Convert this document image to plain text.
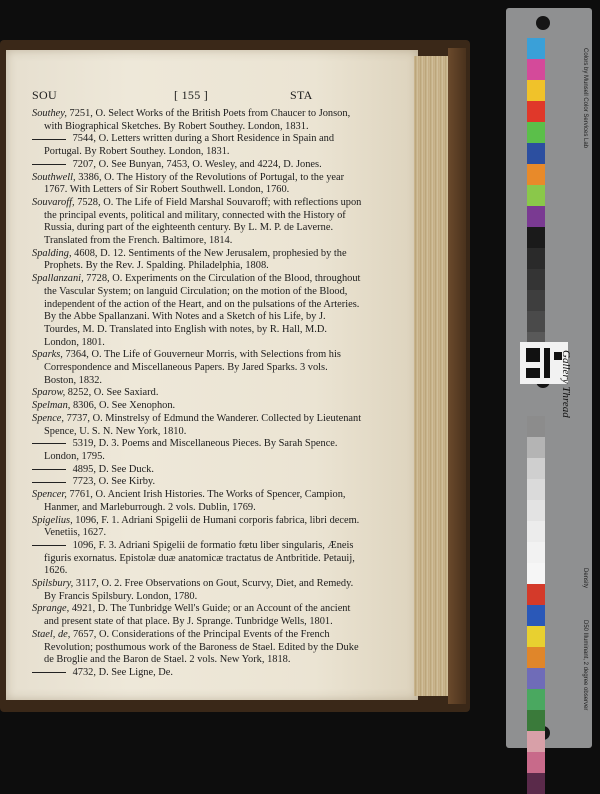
SOU	[ 155 ]	STA

Southey, 7251, O. Select Works of the British Poets from Chaucer to Jonson, with Biographical Sketches. By Robert Southey. London, 1831.

7544, O. Letters written during a Short Residence in Spain and Portugal. By Robert Southey. London, 1831.

7207, O. See Bunyan, 7453, O. Wesley, and 4224, D. Jones.

Southwell, 3386, O. The History of the Revolutions of Portugal, to the year 1767. With Letters of Sir Robert Southwell. London, 1760.

Souvaroff, 7528, O. The Life of Field Marshal Souvaroff; with reflections upon the principal events, political and military, connected with the History of Russia, during part of the eighteenth century. By L. M. P. de Laverne. Translated from the French. Baltimore, 1814.

Spalding, 4608, D. 12. Sentiments of the New Jerusalem, prophesied by the Prophets. By the Rev. J. Spalding. Philadelphia, 1808.

Spallanzani, 7728, O. Experiments on the Circulation of the Blood, throughout the Vascular System; on languid Circulation; on the motion of the Blood, independent of the action of the Heart, and on the pulsations of the Arteries. By the Abbe Spallanzani. With Notes and a Sketch of his Life, by J. Tourdes, M. D. Translated into English with notes, by R. Hall, M.D. London, 1801.

Sparks, 7364, O. The Life of Gouverneur Morris, with Selections from his Correspondence and Miscellaneous Papers. By Jared Sparks. 3 vols. Boston, 1832.

Sparow, 8252, O. See Saxiard.

Spelman, 8306, O. See Xenophon.

Spence, 7737, O. Minstrelsy of Edmund the Wanderer. Collected by Lieutenant Spence, U. S. N. New York, 1810.

5319, D. 3. Poems and Miscellaneous Pieces. By Sarah Spence. London, 1795.

4895, D. See Duck.

7723, O. See Kirby.

Spencer, 7761, O. Ancient Irish Histories. The Works of Spencer, Campion, Hanmer, and Marleburrough. 2 vols. Dublin, 1769.

Spigelius, 1096, F. 1. Adriani Spigelii de Humani corporis fabrica, libri decem. Venetiis, 1627.

1096, F. 3. Adriani Spigelii de formatio fœtu liber singularis, Æneis figuris exornatus. Epistolæ duæ anatomicæ tractatus de Antbritide. Petauij, 1626.

Spilsbury, 3117, O. 2. Free Observations on Gout, Scurvy, Diet, and Remedy. By Francis Spilsbury. London, 1780.

Sprange, 4921, D. The Tunbridge Well's Guide; or an Account of the ancient and present state of that place. By J. Sprange. Tunbridge Wells, 1801.

Stael, de, 7657, O. Considerations of the Principal Events of the French Revolution; posthumous work of the Baroness de Stael. Edited by the Duke de Broglie and the Baron de Stael. 2 vols. New York, 1818.

4732, D. See Ligne, De.

Colors by Munsell Color Services Lab
Density
D50 Illuminant, 2 degree observer
Gallery Thread
